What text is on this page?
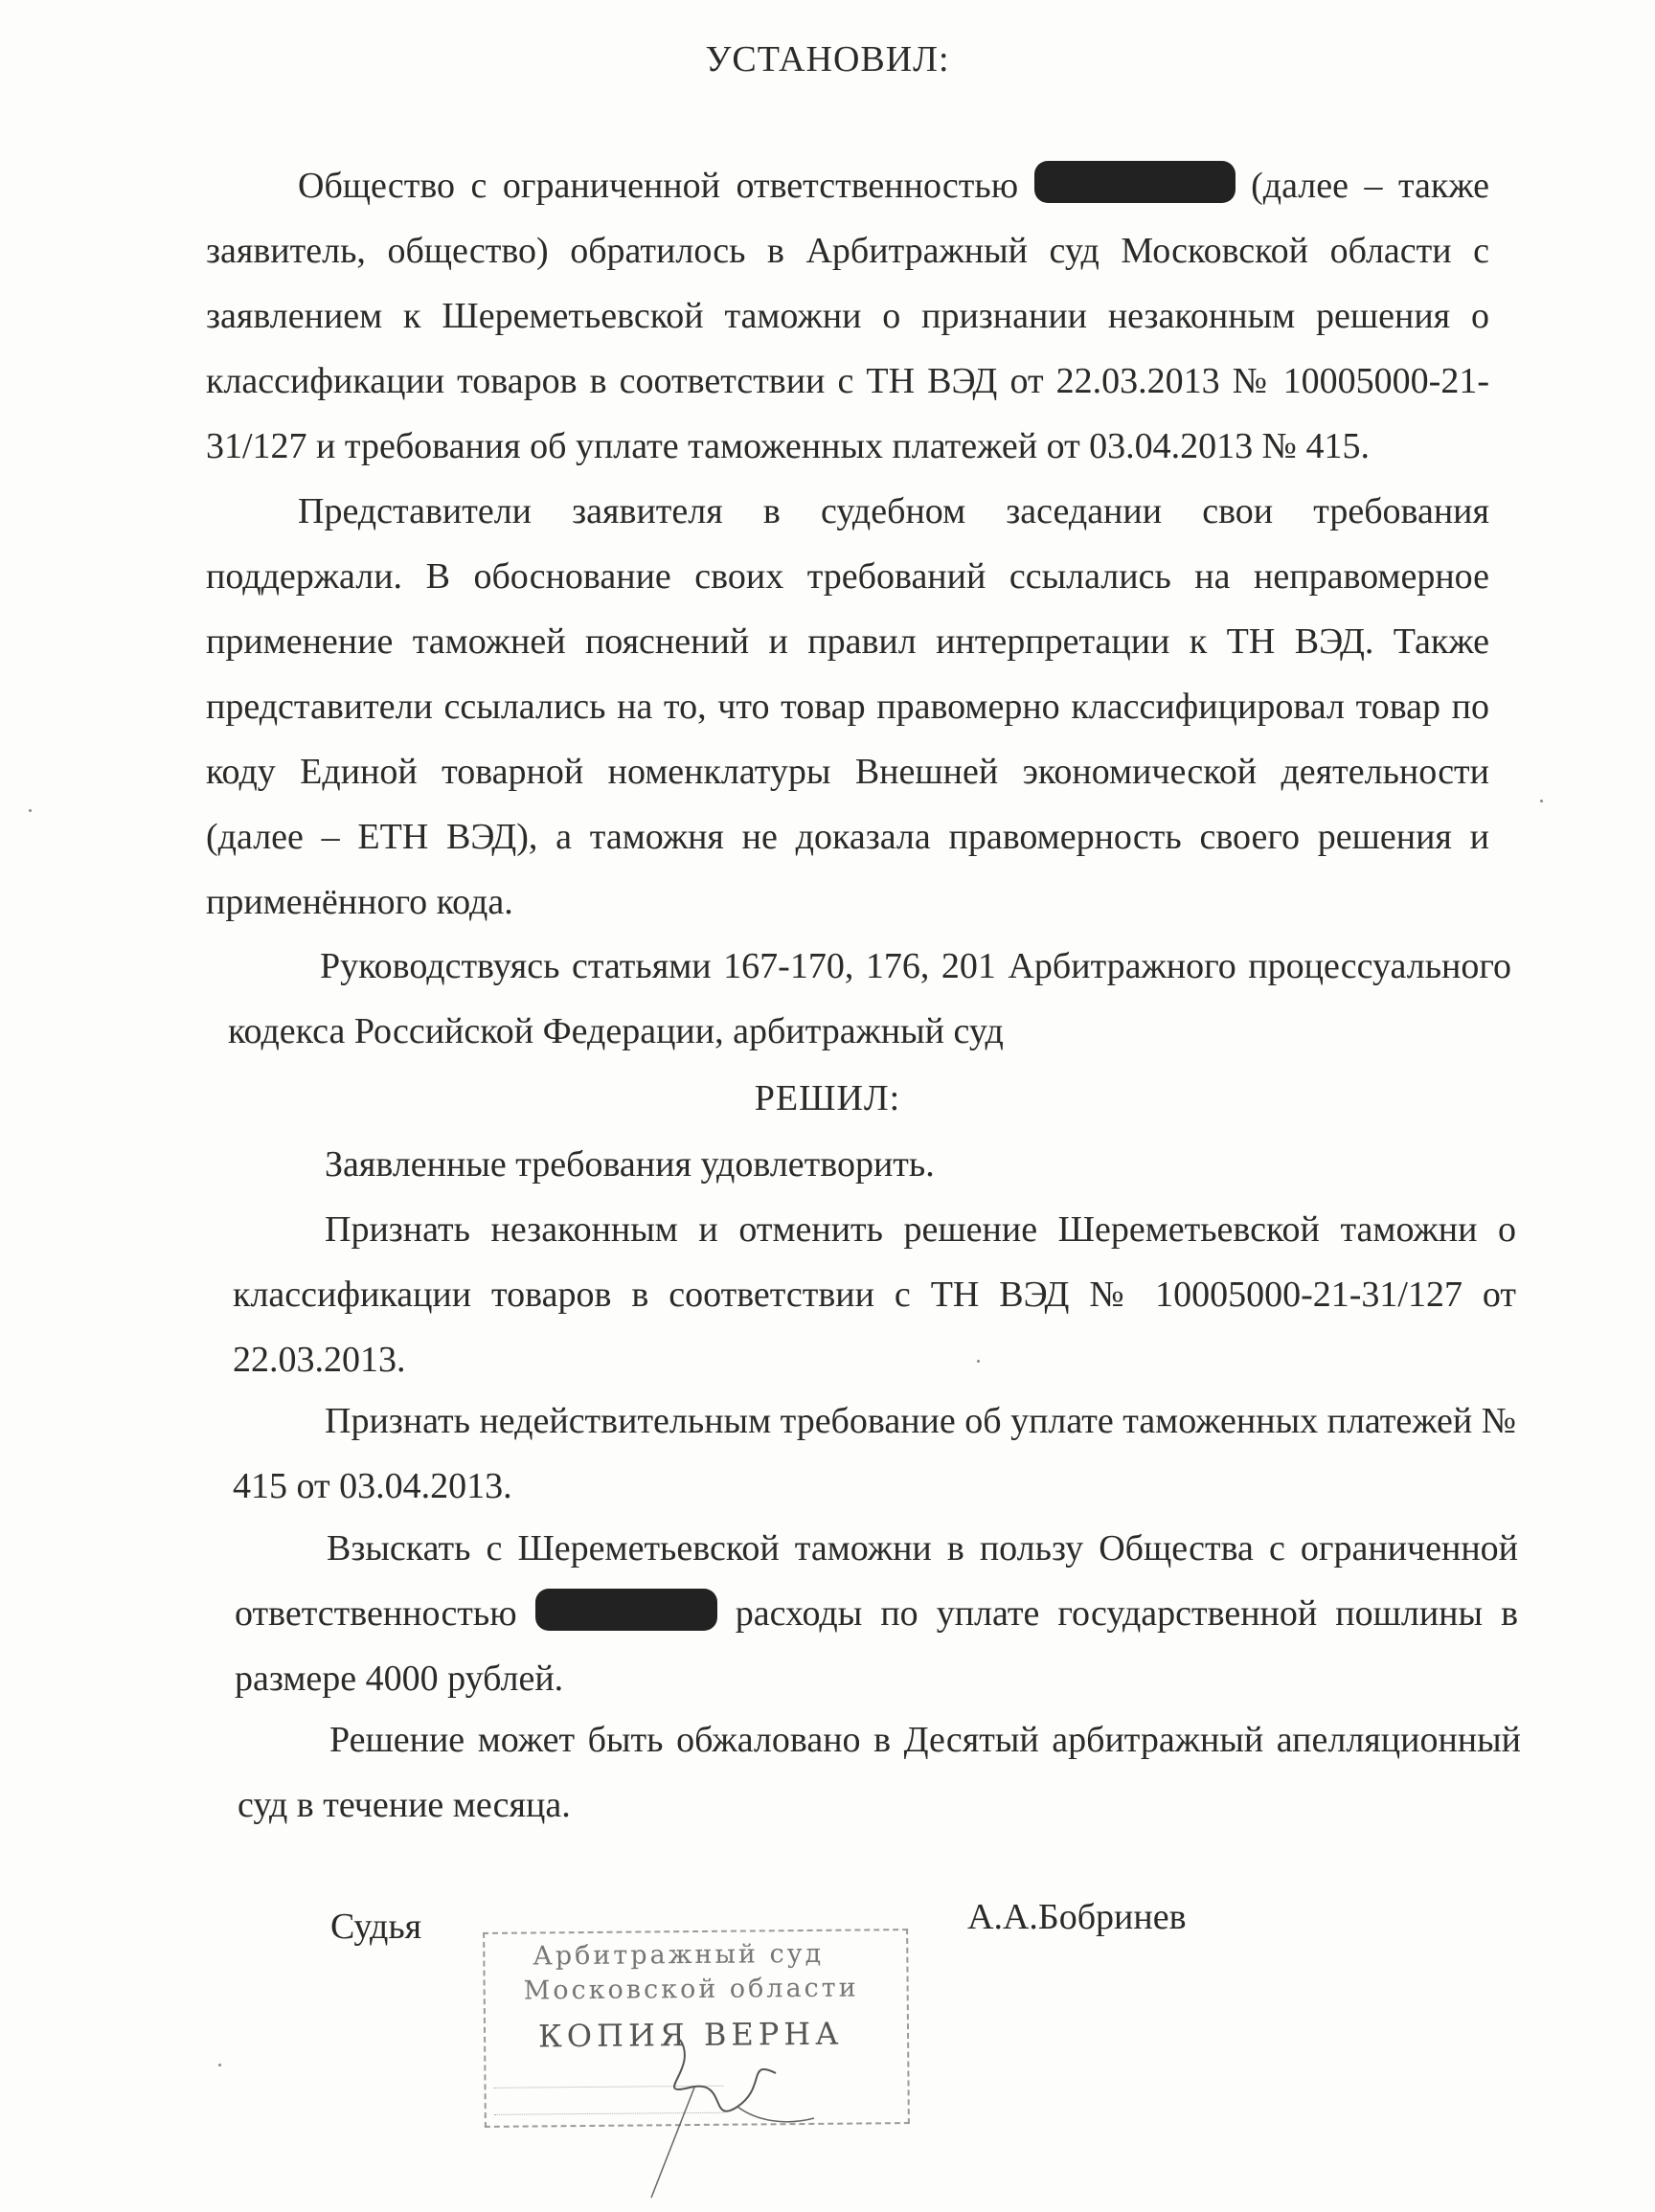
УСТАНОВИЛ:
Общество с ограниченной ответственностью	(далее – также заявитель, общество) обратилось в Арбитражный суд Московской области с заявлением к Шереметьевской таможни о признании незаконным решения о классификации товаров в соответствии с ТН ВЭД от 22.03.2013 № 10005000-21-31/127 и требования об уплате таможенных платежей от 03.04.2013 № 415.
Представители заявителя в судебном заседании свои требования поддержали. В обоснование своих требований ссылались на неправомерное применение таможней пояснений и правил интерпретации к ТН ВЭД. Также представители ссылались на то, что товар правомерно классифицировал товар по коду Единой товарной номенклатуры Внешней экономической деятельности (далее – ЕТН ВЭД), а таможня не доказала правомерность своего решения и применённого кода.
Руководствуясь статьями 167-170, 176, 201 Арбитражного процессуального кодекса Российской Федерации, арбитражный суд
РЕШИЛ:
Заявленные требования удовлетворить.
Признать незаконным и отменить решение Шереметьевской таможни о классификации товаров в соответствии с ТН ВЭД № 10005000-21-31/127 от 22.03.2013.
Признать недействительным требование об уплате таможенных платежей № 415 от 03.04.2013.
Взыскать с Шереметьевской таможни в пользу Общества с ограниченной ответственностью	расходы по уплате государственной пошлины в размере 4000 рублей.
Решение может быть обжаловано в Десятый арбитражный апелляционный суд в течение месяца.
Судья	А.А.Бобринев
Арбитражный суд
Московской области
КОПИЯ ВЕРНА
